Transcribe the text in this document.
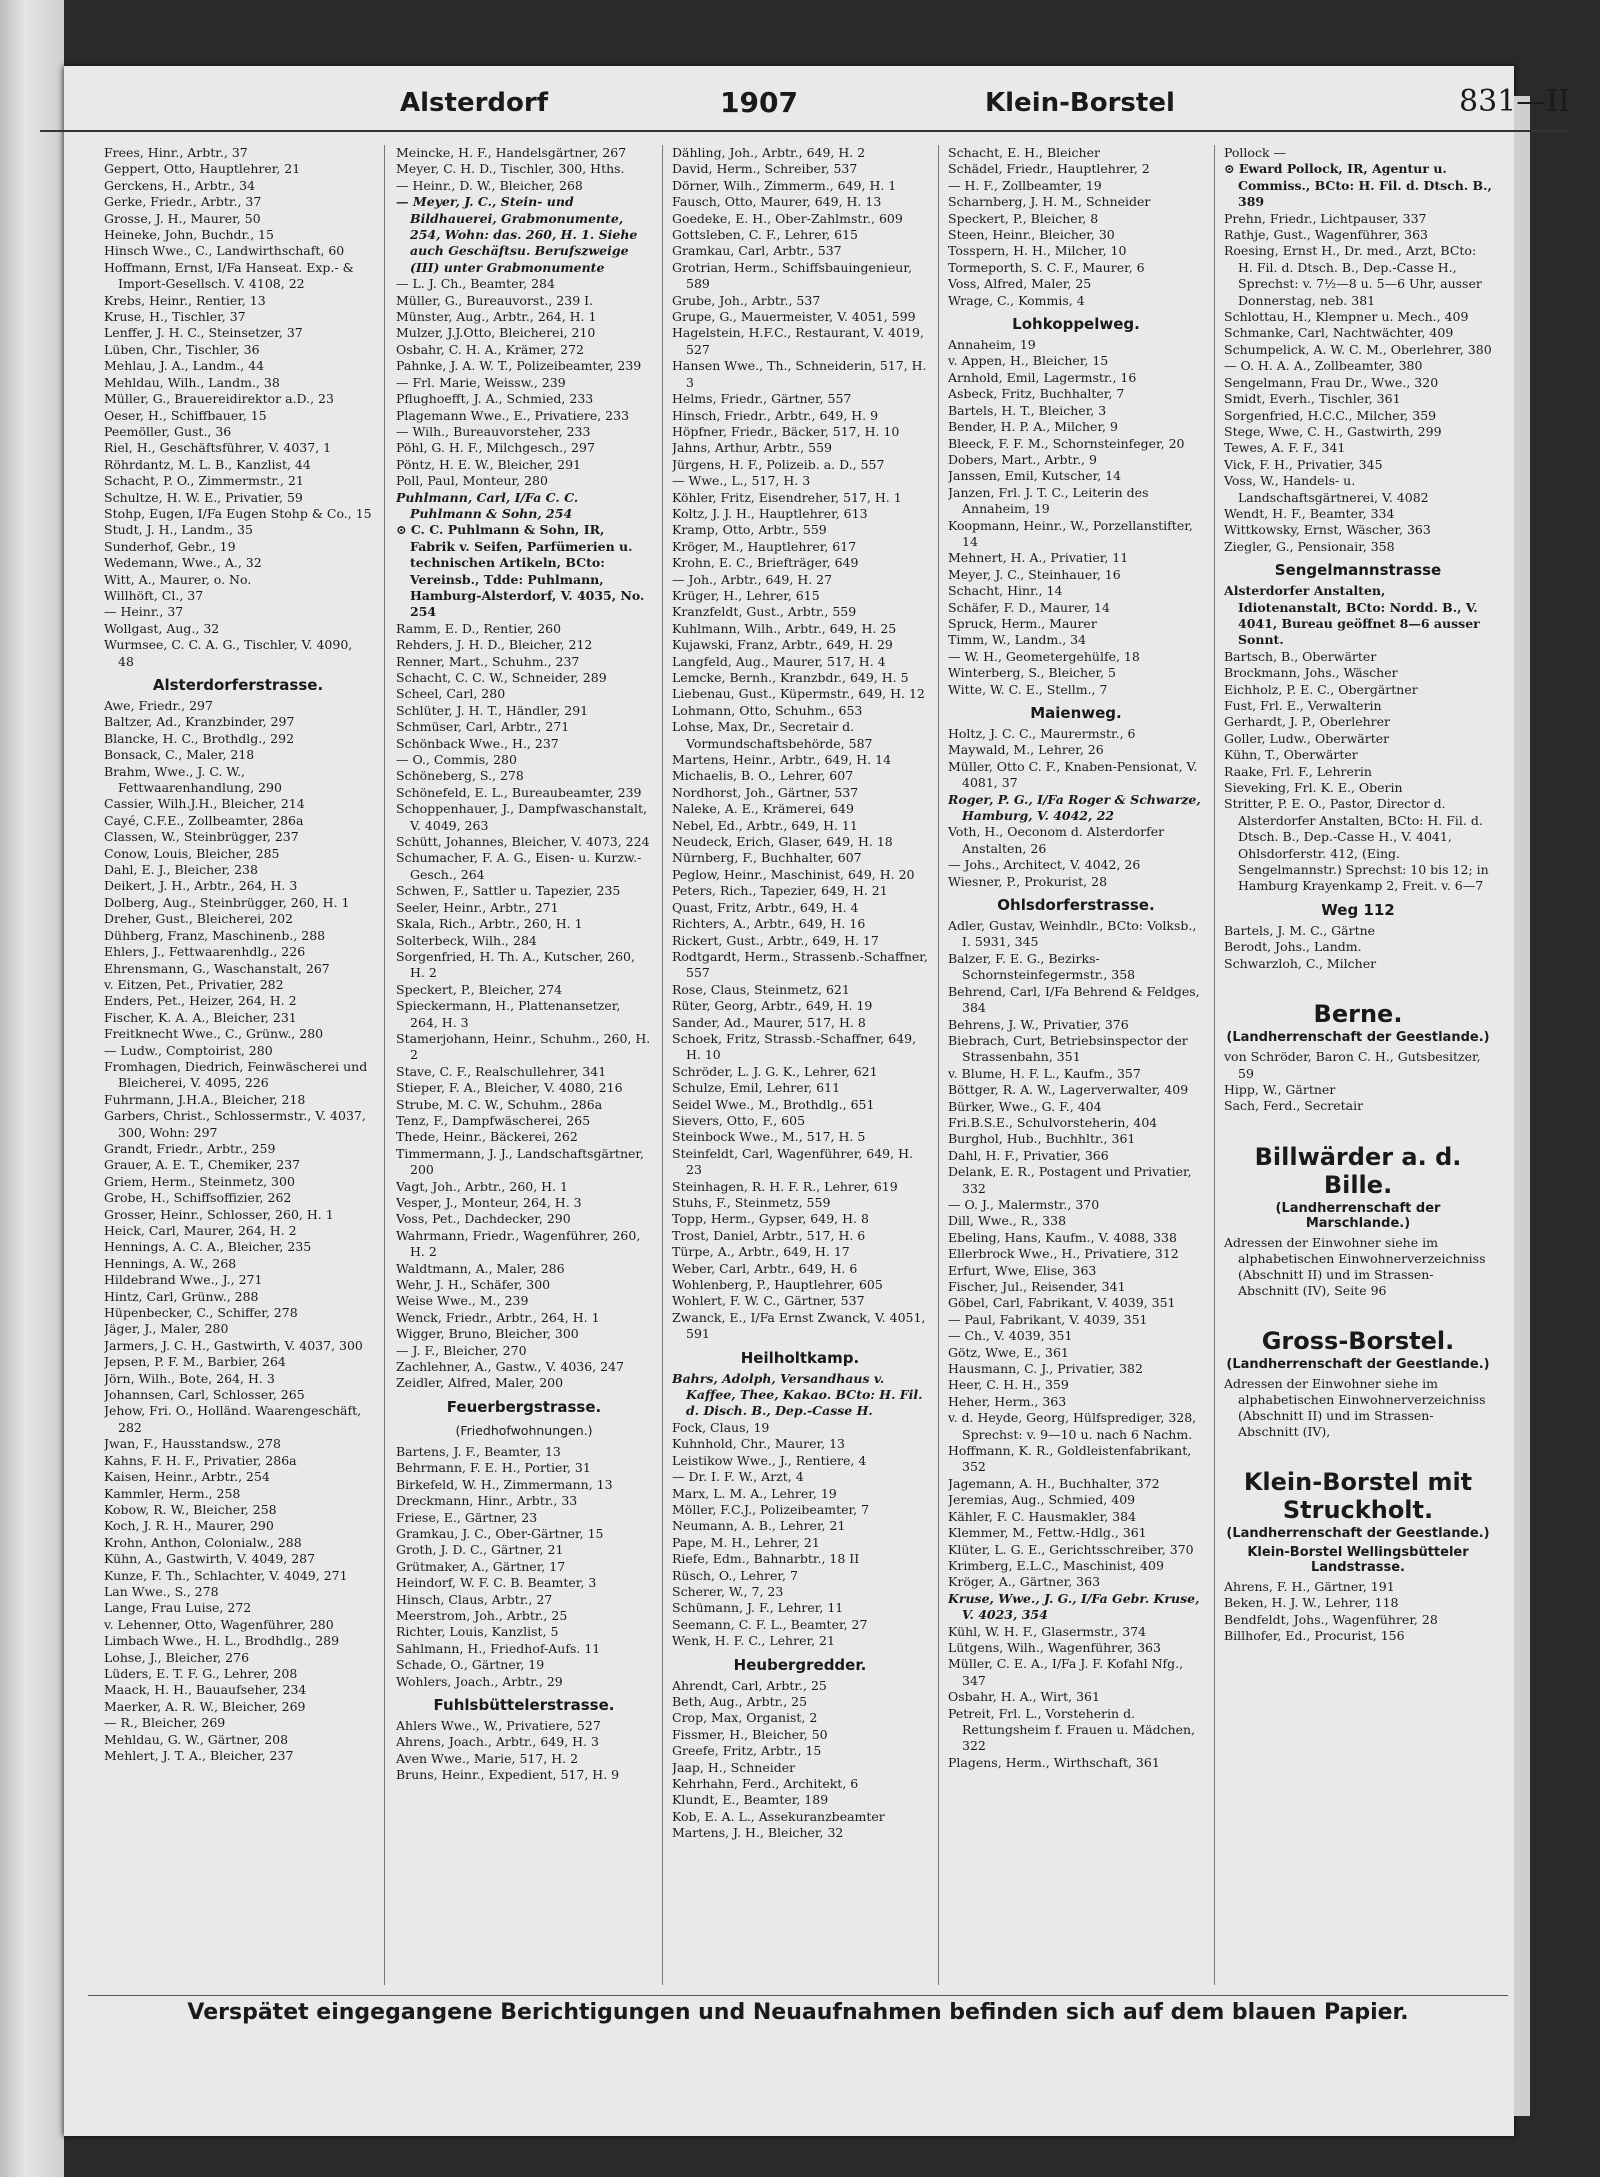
Alsterdorf	1907	Klein-Borstel	831—II

Frees, Hinr., Arbtr., 37

Geppert, Otto, Hauptlehrer, 21

Gerckens, H., Arbtr., 34

Gerke, Friedr., Arbtr., 37

Grosse, J. H., Maurer, 50

Heineke, John, Buchdr., 15

Hinsch Wwe., C., Landwirthschaft, 60

Hoffmann, Ernst, I/Fa Hanseat. Exp.- & Import-Gesellsch. V. 4108, 22

Krebs, Heinr., Rentier, 13

Kruse, H., Tischler, 37

Lenffer, J. H. C., Steinsetzer, 37

Lüben, Chr., Tischler, 36

Mehlau, J. A., Landm., 44

Mehldau, Wilh., Landm., 38

Müller, G., Brauereidirektor a.D., 23

Oeser, H., Schiffbauer, 15

Peemöller, Gust., 36

Riel, H., Geschäftsführer, V. 4037, 1

Röhrdantz, M. L. B., Kanzlist, 44

Schacht, P. O., Zimmermstr., 21

Schultze, H. W. E., Privatier, 59

Stohp, Eugen, I/Fa Eugen Stohp & Co., 15

Studt, J. H., Landm., 35

Sunderhof, Gebr., 19

Wedemann, Wwe., A., 32

Witt, A., Maurer, o. No.

Willhöft, Cl., 37

— Heinr., 37

Wollgast, Aug., 32

Wurmsee, C. C. A. G., Tischler, V. 4090, 48

Alsterdorferstrasse.

Awe, Friedr., 297

Baltzer, Ad., Kranzbinder, 297

Blancke, H. C., Brothdlg., 292

Bonsack, C., Maler, 218

Brahm, Wwe., J. C. W., Fettwaarenhandlung, 290

Cassier, Wilh.J.H., Bleicher, 214

Cayé, C.F.E., Zollbeamter, 286a

Classen, W., Steinbrügger, 237

Conow, Louis, Bleicher, 285

Dahl, E. J., Bleicher, 238

Deikert, J. H., Arbtr., 264, H. 3

Dolberg, Aug., Steinbrügger, 260, H. 1

Dreher, Gust., Bleicherei, 202

Dühberg, Franz, Maschinenb., 288

Ehlers, J., Fettwaarenhdlg., 226

Ehrensmann, G., Waschanstalt, 267

v. Eitzen, Pet., Privatier, 282

Enders, Pet., Heizer, 264, H. 2

Fischer, K. A. A., Bleicher, 231

Freitknecht Wwe., C., Grünw., 280

— Ludw., Comptoirist, 280

Fromhagen, Diedrich, Feinwäscherei und Bleicherei, V. 4095, 226

Fuhrmann, J.H.A., Bleicher, 218

Garbers, Christ., Schlossermstr., V. 4037, 300, Wohn: 297

Grandt, Friedr., Arbtr., 259

Grauer, A. E. T., Chemiker, 237

Griem, Herm., Steinmetz, 300

Grobe, H., Schiffsoffizier, 262

Grosser, Heinr., Schlosser, 260, H. 1

Heick, Carl, Maurer, 264, H. 2

Hennings, A. C. A., Bleicher, 235

Hennings, A. W., 268

Hildebrand Wwe., J., 271

Hintz, Carl, Grünw., 288

Hüpenbecker, C., Schiffer, 278

Jäger, J., Maler, 280

Jarmers, J. C. H., Gastwirth, V. 4037, 300

Jepsen, P. F. M., Barbier, 264

Jörn, Wilh., Bote, 264, H. 3

Johannsen, Carl, Schlosser, 265

Jehow, Fri. O., Holländ. Waarengeschäft, 282

Jwan, F., Hausstandsw., 278

Kahns, F. H. F., Privatier, 286a

Kaisen, Heinr., Arbtr., 254

Kammler, Herm., 258

Kobow, R. W., Bleicher, 258

Koch, J. R. H., Maurer, 290

Krohn, Anthon, Colonialw., 288

Kühn, A., Gastwirth, V. 4049, 287

Kunze, F. Th., Schlachter, V. 4049, 271

Lan Wwe., S., 278

Lange, Frau Luise, 272

v. Lehenner, Otto, Wagenführer, 280

Limbach Wwe., H. L., Brodhdlg., 289

Lohse, J., Bleicher, 276

Lüders, E. T. F. G., Lehrer, 208

Maack, H. H., Bauaufseher, 234

Maerker, A. R. W., Bleicher, 269

— R., Bleicher, 269

Mehldau, G. W., Gärtner, 208

Mehlert, J. T. A., Bleicher, 237

Meincke, H. F., Handelsgärtner, 267

Meyer, C. H. D., Tischler, 300, Hths.

— Heinr., D. W., Bleicher, 268

— Meyer, J. C., Stein- und Bildhauerei, Grabmonumente, 254, Wohn: das. 260, H. 1. Siehe auch Geschäftsu. Berufszweige (III) unter Grabmonumente

— L. J. Ch., Beamter, 284

Müller, G., Bureauvorst., 239 I.

Münster, Aug., Arbtr., 264, H. 1

Mulzer, J.J.Otto, Bleicherei, 210

Osbahr, C. H. A., Krämer, 272

Pahnke, J. A. W. T., Polizeibeamter, 239

— Frl. Marie, Weissw., 239

Pflughoefft, J. A., Schmied, 233

Plagemann Wwe., E., Privatiere, 233

— Wilh., Bureauvorsteher, 233

Pöhl, G. H. F., Milchgesch., 297

Pöntz, H. E. W., Bleicher, 291

Poll, Paul, Monteur, 280

Puhlmann, Carl, I/Fa C. C. Puhlmann & Sohn, 254

⊙ C. C. Puhlmann & Sohn, IR, Fabrik v. Seifen, Parfümerien u. technischen Artikeln, BCto: Vereinsb., Tdde: Puhlmann, Hamburg-Alsterdorf, V. 4035, No. 254

Ramm, E. D., Rentier, 260

Rehders, J. H. D., Bleicher, 212

Renner, Mart., Schuhm., 237

Schacht, C. C. W., Schneider, 289

Scheel, Carl, 280

Schlüter, J. H. T., Händler, 291

Schmüser, Carl, Arbtr., 271

Schönback Wwe., H., 237

— O., Commis, 280

Schöneberg, S., 278

Schönefeld, E. L., Bureaubeamter, 239

Schoppenhauer, J., Dampfwaschanstalt, V. 4049, 263

Schütt, Johannes, Bleicher, V. 4073, 224

Schumacher, F. A. G., Eisen- u. Kurzw.-Gesch., 264

Schwen, F., Sattler u. Tapezier, 235

Seeler, Heinr., Arbtr., 271

Skala, Rich., Arbtr., 260, H. 1

Solterbeck, Wilh., 284

Sorgenfried, H. Th. A., Kutscher, 260, H. 2

Speckert, P., Bleicher, 274

Spieckermann, H., Plattenansetzer, 264, H. 3

Stamerjohann, Heinr., Schuhm., 260, H. 2

Stave, C. F., Realschullehrer, 341

Stieper, F. A., Bleicher, V. 4080, 216

Strube, M. C. W., Schuhm., 286a

Tenz, F., Dampfwäscherei, 265

Thede, Heinr., Bäckerei, 262

Timmermann, J. J., Landschaftsgärtner, 200

Vagt, Joh., Arbtr., 260, H. 1

Vesper, J., Monteur, 264, H. 3

Voss, Pet., Dachdecker, 290

Wahrmann, Friedr., Wagenführer, 260, H. 2

Waldtmann, A., Maler, 286

Wehr, J. H., Schäfer, 300

Weise Wwe., M., 239

Wenck, Friedr., Arbtr., 264, H. 1

Wigger, Bruno, Bleicher, 300

— J. F., Bleicher, 270

Zachlehner, A., Gastw., V. 4036, 247

Zeidler, Alfred, Maler, 200

Feuerbergstrasse.

(Friedhofwohnungen.)

Bartens, J. F., Beamter, 13

Behrmann, F. E. H., Portier, 31

Birkefeld, W. H., Zimmermann, 13

Dreckmann, Hinr., Arbtr., 33

Friese, E., Gärtner, 23

Gramkau, J. C., Ober-Gärtner, 15

Groth, J. D. C., Gärtner, 21

Grütmaker, A., Gärtner, 17

Heindorf, W. F. C. B. Beamter, 3

Hinsch, Claus, Arbtr., 27

Meerstrom, Joh., Arbtr., 25

Richter, Louis, Kanzlist, 5

Sahlmann, H., Friedhof-Aufs. 11

Schade, O., Gärtner, 19

Wohlers, Joach., Arbtr., 29

Fuhlsbüttelerstrasse.

Ahlers Wwe., W., Privatiere, 527

Ahrens, Joach., Arbtr., 649, H. 3

Aven Wwe., Marie, 517, H. 2

Bruns, Heinr., Expedient, 517, H. 9

Dähling, Joh., Arbtr., 649, H. 2

David, Herm., Schreiber, 537

Dörner, Wilh., Zimmerm., 649, H. 1

Fausch, Otto, Maurer, 649, H. 13

Goedeke, E. H., Ober-Zahlmstr., 609

Gottsleben, C. F., Lehrer, 615

Gramkau, Carl, Arbtr., 537

Grotrian, Herm., Schiffsbauingenieur, 589

Grube, Joh., Arbtr., 537

Grupe, G., Mauermeister, V. 4051, 599

Hagelstein, H.F.C., Restaurant, V. 4019, 527

Hansen Wwe., Th., Schneiderin, 517, H. 3

Helms, Friedr., Gärtner, 557

Hinsch, Friedr., Arbtr., 649, H. 9

Höpfner, Friedr., Bäcker, 517, H. 10

Jahns, Arthur, Arbtr., 559

Jürgens, H. F., Polizeib. a. D., 557

— Wwe., L., 517, H. 3

Köhler, Fritz, Eisendreher, 517, H. 1

Koltz, J. J. H., Hauptlehrer, 613

Kramp, Otto, Arbtr., 559

Kröger, M., Hauptlehrer, 617

Krohn, E. C., Briefträger, 649

— Joh., Arbtr., 649, H. 27

Krüger, H., Lehrer, 615

Kranzfeldt, Gust., Arbtr., 559

Kuhlmann, Wilh., Arbtr., 649, H. 25

Kujawski, Franz, Arbtr., 649, H. 29

Langfeld, Aug., Maurer, 517, H. 4

Lemcke, Bernh., Kranzbdr., 649, H. 5

Liebenau, Gust., Küpermstr., 649, H. 12

Lohmann, Otto, Schuhm., 653

Lohse, Max, Dr., Secretair d. Vormundschaftsbehörde, 587

Martens, Heinr., Arbtr., 649, H. 14

Michaelis, B. O., Lehrer, 607

Nordhorst, Joh., Gärtner, 537

Naleke, A. E., Krämerei, 649

Nebel, Ed., Arbtr., 649, H. 11

Neudeck, Erich, Glaser, 649, H. 18

Nürnberg, F., Buchhalter, 607

Peglow, Heinr., Maschinist, 649, H. 20

Peters, Rich., Tapezier, 649, H. 21

Quast, Fritz, Arbtr., 649, H. 4

Richters, A., Arbtr., 649, H. 16

Rickert, Gust., Arbtr., 649, H. 17

Rodtgardt, Herm., Strassenb.-Schaffner, 557

Rose, Claus, Steinmetz, 621

Rüter, Georg, Arbtr., 649, H. 19

Sander, Ad., Maurer, 517, H. 8

Schoek, Fritz, Strassb.-Schaffner, 649, H. 10

Schröder, L. J. G. K., Lehrer, 621

Schulze, Emil, Lehrer, 611

Seidel Wwe., M., Brothdlg., 651

Sievers, Otto, F., 605

Steinbock Wwe., M., 517, H. 5

Steinfeldt, Carl, Wagenführer, 649, H. 23

Steinhagen, R. H. F. R., Lehrer, 619

Stuhs, F., Steinmetz, 559

Topp, Herm., Gypser, 649, H. 8

Trost, Daniel, Arbtr., 517, H. 6

Türpe, A., Arbtr., 649, H. 17

Weber, Carl, Arbtr., 649, H. 6

Wohlenberg, P., Hauptlehrer, 605

Wohlert, F. W. C., Gärtner, 537

Zwanck, E., I/Fa Ernst Zwanck, V. 4051, 591

Heilholtkamp.

Bahrs, Adolph, Versandhaus v. Kaffee, Thee, Kakao. BCto: H. Fil. d. Disch. B., Dep.-Casse H.

Fock, Claus, 19

Kuhnhold, Chr., Maurer, 13

Leistikow Wwe., J., Rentiere, 4

— Dr. I. F. W., Arzt, 4

Marx, L. M. A., Lehrer, 19

Möller, F.C.J., Polizeibeamter, 7

Neumann, A. B., Lehrer, 21

Pape, M. H., Lehrer, 21

Riefe, Edm., Bahnarbtr., 18 II

Rüsch, O., Lehrer, 7

Scherer, W., 7, 23

Schümann, J. F., Lehrer, 11

Seemann, C. F. L., Beamter, 27

Wenk, H. F. C., Lehrer, 21

Heubergredder.

Ahrendt, Carl, Arbtr., 25

Beth, Aug., Arbtr., 25

Crop, Max, Organist, 2

Fissmer, H., Bleicher, 50

Greefe, Fritz, Arbtr., 15

Jaap, H., Schneider

Kehrhahn, Ferd., Architekt, 6

Klundt, E., Beamter, 189

Kob, E. A. L., Assekuranzbeamter

Martens, J. H., Bleicher, 32

Schacht, E. H., Bleicher

Schädel, Friedr., Hauptlehrer, 2

— H. F., Zollbeamter, 19

Scharnberg, J. H. M., Schneider

Speckert, P., Bleicher, 8

Steen, Heinr., Bleicher, 30

Tosspern, H. H., Milcher, 10

Tormeporth, S. C. F., Maurer, 6

Voss, Alfred, Maler, 25

Wrage, C., Kommis, 4

Lohkoppelweg.

Annaheim, 19

v. Appen, H., Bleicher, 15

Arnhold, Emil, Lagermstr., 16

Asbeck, Fritz, Buchhalter, 7

Bartels, H. T., Bleicher, 3

Bender, H. P. A., Milcher, 9

Bleeck, F. F. M., Schornsteinfeger, 20

Dobers, Mart., Arbtr., 9

Janssen, Emil, Kutscher, 14

Janzen, Frl. J. T. C., Leiterin des Annaheim, 19

Koopmann, Heinr., W., Porzellanstifter, 14

Mehnert, H. A., Privatier, 11

Meyer, J. C., Steinhauer, 16

Schacht, Hinr., 14

Schäfer, F. D., Maurer, 14

Spruck, Herm., Maurer

Timm, W., Landm., 34

— W. H., Geometergehülfe, 18

Winterberg, S., Bleicher, 5

Witte, W. C. E., Stellm., 7

Maienweg.

Holtz, J. C. C., Maurermstr., 6

Maywald, M., Lehrer, 26

Müller, Otto C. F., Knaben-Pensionat, V. 4081, 37

Roger, P. G., I/Fa Roger & Schwarze, Hamburg, V. 4042, 22

Voth, H., Oeconom d. Alsterdorfer Anstalten, 26

— Johs., Architect, V. 4042, 26

Wiesner, P., Prokurist, 28

Ohlsdorferstrasse.

Adler, Gustav, Weinhdlr., BCto: Volksb., I. 5931, 345

Balzer, F. E. G., Bezirks-Schornsteinfegermstr., 358

Behrend, Carl, I/Fa Behrend & Feldges, 384

Behrens, J. W., Privatier, 376

Biebrach, Curt, Betriebsinspector der Strassenbahn, 351

v. Blume, H. F. L., Kaufm., 357

Böttger, R. A. W., Lagerverwalter, 409

Bürker, Wwe., G. F., 404

Fri.B.S.E., Schulvorsteherin, 404

Burghol, Hub., Buchhltr., 361

Dahl, H. F., Privatier, 366

Delank, E. R., Postagent und Privatier, 332

— O. J., Malermstr., 370

Dill, Wwe., R., 338

Ebeling, Hans, Kaufm., V. 4088, 338

Ellerbrock Wwe., H., Privatiere, 312

Erfurt, Wwe, Elise, 363

Fischer, Jul., Reisender, 341

Göbel, Carl, Fabrikant, V. 4039, 351

— Paul, Fabrikant, V. 4039, 351

— Ch., V. 4039, 351

Götz, Wwe, E., 361

Hausmann, C. J., Privatier, 382

Heer, C. H. H., 359

Heher, Herm., 363

v. d. Heyde, Georg, Hülfsprediger, 328, Sprechst: v. 9—10 u. nach 6 Nachm.

Hoffmann, K. R., Goldleistenfabrikant, 352

Jagemann, A. H., Buchhalter, 372

Jeremias, Aug., Schmied, 409

Kähler, F. C. Hausmakler, 384

Klemmer, M., Fettw.-Hdlg., 361

Klüter, L. G. E., Gerichtsschreiber, 370

Krimberg, E.L.C., Maschinist, 409

Kröger, A., Gärtner, 363

Kruse, Wwe., J. G., I/Fa Gebr. Kruse, V. 4023, 354

Kühl, W. H. F., Glasermstr., 374

Lütgens, Wilh., Wagenführer, 363

Müller, C. E. A., I/Fa J. F. Kofahl Nfg., 347

Osbahr, H. A., Wirt, 361

Petreit, Frl. L., Vorsteherin d. Rettungsheim f. Frauen u. Mädchen, 322

Plagens, Herm., Wirthschaft, 361

Pollock —

⊙ Eward Pollock, IR, Agentur u. Commiss., BCto: H. Fil. d. Dtsch. B., 389

Prehn, Friedr., Lichtpauser, 337

Rathje, Gust., Wagenführer, 363

Roesing, Ernst H., Dr. med., Arzt, BCto: H. Fil. d. Dtsch. B., Dep.-Casse H., Sprechst: v. 7½—8 u. 5—6 Uhr, ausser Donnerstag, neb. 381

Schlottau, H., Klempner u. Mech., 409

Schmanke, Carl, Nachtwächter, 409

Schumpelick, A. W. C. M., Oberlehrer, 380

— O. H. A. A., Zollbeamter, 380

Sengelmann, Frau Dr., Wwe., 320

Smidt, Everh., Tischler, 361

Sorgenfried, H.C.C., Milcher, 359

Stege, Wwe, C. H., Gastwirth, 299

Tewes, A. F. F., 341

Vick, F. H., Privatier, 345

Voss, W., Handels- u. Landschaftsgärtnerei, V. 4082

Wendt, H. F., Beamter, 334

Wittkowsky, Ernst, Wäscher, 363

Ziegler, G., Pensionair, 358

Sengelmannstrasse

Alsterdorfer Anstalten, Idiotenanstalt, BCto: Nordd. B., V. 4041, Bureau geöffnet 8—6 ausser Sonnt.

Bartsch, B., Oberwärter

Brockmann, Johs., Wäscher

Eichholz, P. E. C., Obergärtner

Fust, Frl. E., Verwalterin

Gerhardt, J. P., Oberlehrer

Goller, Ludw., Oberwärter

Kühn, T., Oberwärter

Raake, Frl. F., Lehrerin

Sieveking, Frl. K. E., Oberin

Stritter, P. E. O., Pastor, Director d. Alsterdorfer Anstalten, BCto: H. Fil. d. Dtsch. B., Dep.-Casse H., V. 4041, Ohlsdorferstr. 412, (Eing. Sengelmannstr.) Sprechst: 10 bis 12; in Hamburg Krayenkamp 2, Freit. v. 6—7

Weg 112

Bartels, J. M. C., Gärtne

Berodt, Johs., Landm.

Schwarzloh, C., Milcher

Berne.

(Landherrenschaft der Geestlande.)

von Schröder, Baron C. H., Gutsbesitzer, 59

Hipp, W., Gärtner

Sach, Ferd., Secretair

Billwärder a. d. Bille.

(Landherrenschaft der Marschlande.)

Adressen der Einwohner siehe im alphabetischen Einwohnerverzeichniss (Abschnitt II) und im Strassen-Abschnitt (IV), Seite 96

Gross-Borstel.

(Landherrenschaft der Geestlande.)

Adressen der Einwohner siehe im alphabetischen Einwohnerverzeichniss (Abschnitt II) und im Strassen-Abschnitt (IV),

Klein-Borstel mit Struckholt.

(Landherrenschaft der Geestlande.)

Klein-Borstel Wellingsbütteler Landstrasse.

Ahrens, F. H., Gärtner, 191

Beken, H. J. W., Lehrer, 118

Bendfeldt, Johs., Wagenführer, 28

Billhofer, Ed., Procurist, 156

Verspätet eingegangene Berichtigungen und Neuaufnahmen befinden sich auf dem blauen Papier.
